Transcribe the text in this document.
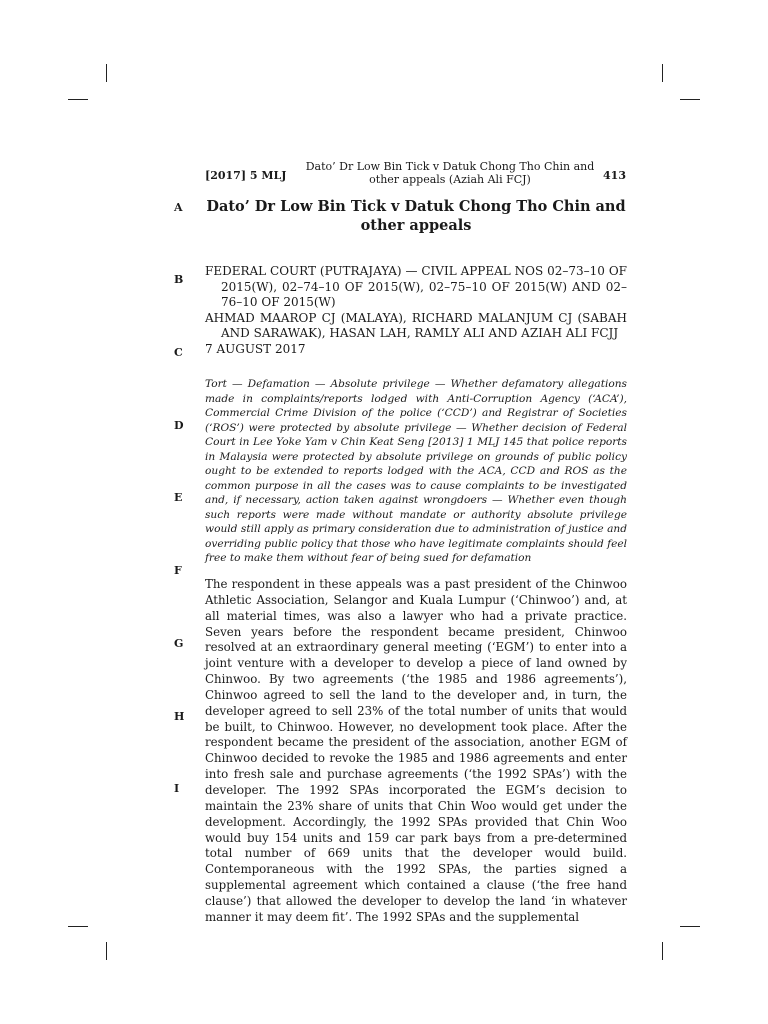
[2017] 5 MLJ
Dato’ Dr Low Bin Tick v Datuk Chong Tho Chin and other appeals (Aziah Ali FCJ)	413
A
B
C
D
E
F
G
H
I
Dato’ Dr Low Bin Tick v Datuk Chong Tho Chin and other appeals

FEDERAL COURT (PUTRAJAYA) — CIVIL APPEAL NOS 02–73–10 OF 2015(W), 02–74–10 OF 2015(W), 02–75–10 OF 2015(W) AND 02–76–10 OF 2015(W)

AHMAD MAAROP CJ (MALAYA), RICHARD MALANJUM CJ (SABAH AND SARAWAK), HASAN LAH, RAMLY ALI AND AZIAH ALI FCJJ

7 AUGUST 2017

Tort — Defamation — Absolute privilege — Whether defamatory allegations made in complaints/reports lodged with Anti-Corruption Agency (‘ACA’), Commercial Crime Division of the police (‘CCD’) and Registrar of Societies (‘ROS’) were protected by absolute privilege — Whether decision of Federal Court in Lee Yoke Yam v Chin Keat Seng [2013] 1 MLJ 145 that police reports in Malaysia were protected by absolute privilege on grounds of public policy ought to be extended to reports lodged with the ACA, CCD and ROS as the common purpose in all the cases was to cause complaints to be investigated and, if necessary, action taken against wrongdoers — Whether even though such reports were made without mandate or authority absolute privilege would still apply as primary consideration due to administration of justice and overriding public policy that those who have legitimate complaints should feel free to make them without fear of being sued for defamation
The respondent in these appeals was a past president of the Chinwoo Athletic Association, Selangor and Kuala Lumpur (‘Chinwoo’) and, at all material times, was also a lawyer who had a private practice. Seven years before the respondent became president, Chinwoo resolved at an extraordinary general meeting (‘EGM’) to enter into a joint venture with a developer to develop a piece of land owned by Chinwoo. By two agreements (‘the 1985 and 1986 agreements’), Chinwoo agreed to sell the land to the developer and, in turn, the developer agreed to sell 23% of the total number of units that would be built, to Chinwoo. However, no development took place. After the respondent became the president of the association, another EGM of Chinwoo decided to revoke the 1985 and 1986 agreements and enter into fresh sale and purchase agreements (‘the 1992 SPAs’) with the developer. The 1992 SPAs incorporated the EGM’s decision to maintain the 23% share of units that Chin Woo would get under the development. Accordingly, the 1992 SPAs provided that Chin Woo would buy 154 units and 159 car park bays from a pre-determined total number of 669 units that the developer would build. Contemporaneous with the 1992 SPAs, the parties signed a supplemental agreement which contained a clause (‘the free hand clause’) that allowed the developer to develop the land ‘in whatever manner it may deem fit’. The 1992 SPAs and the supplemental
